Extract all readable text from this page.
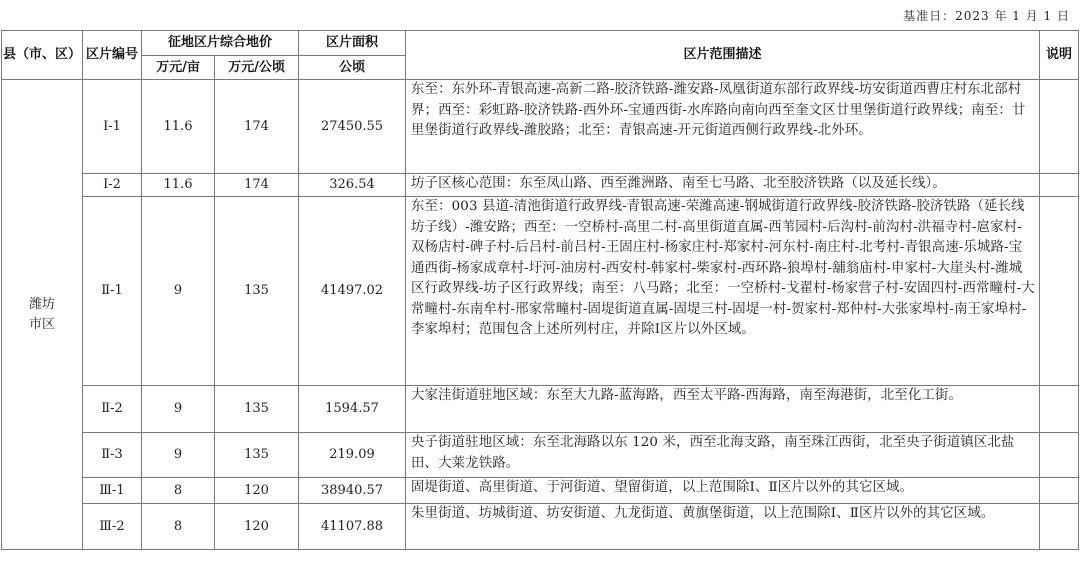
基准日：2023 年 1 月 1 日
县（市、区）	区片编号	征地区片综合地价		区片面积	区片范围描述	说明
		万元/亩	万元/公顷	公顷		
潍坊市区	Ⅰ-1	11.6	174	27450.55	东至：东外环-青银高速-高新二路-胶济铁路-潍安路-凤凰街道东部行政界线-坊安街道西曹庄村东北部村界；西至：彩虹路-胶济铁路-西外环-宝通西街-水库路向南向西至奎文区廿里堡街道行政界线；南至：廿里堡街道行政界线-潍胶路；北至：青银高速-开元街道西侧行政界线-北外环。	
	Ⅰ-2	11.6	174	326.54	坊子区核心范围：东至凤山路、西至潍洲路、南至七马路、北至胶济铁路（以及延长线）。	
	Ⅱ-1	9	135	41497.02	东至：003 县道-清池街道行政界线-青银高速-荣潍高速-钢城街道行政界线-胶济铁路-胶济铁路（延长线坊子线）-潍安路；西至：一空桥村-高里二村-高里街道直属-西苇园村-后沟村-前沟村-洪福寺村-扈家村-双杨店村-碑子村-后吕村-前吕村-王固庄村-杨家庄村-郑家村-河东村-南庄村-北考村-青银高速-乐城路-宝通西街-杨家成章村-圩河-油房村-西安村-韩家村-柴家村-西环路-狼埠村-舖翁庙村-申家村-大崖头村-潍城区行政界线-坊子区行政界线；南至：八马路；北至：一空桥村-戈翟村-杨家营子村-安固四村-西常疃村-大常疃村-东南牟村-邢家常疃村-固堤街道直属-固堤三村-固堤一村-贺家村-郑仲村-大张家埠村-南王家埠村-李家埠村；范围包含上述所列村庄，并除Ⅰ区片以外区域。	
	Ⅱ-2	9	135	1594.57	大家洼街道驻地区域：东至大九路-蓝海路，西至太平路-西海路，南至海港街，北至化工街。	
	Ⅱ-3	9	135	219.09	央子街道驻地区域：东至北海路以东 120 米，西至北海支路，南至珠江西街，北至央子街道镇区北盐田、大莱龙铁路。	
	Ⅲ-1	8	120	38940.57	固堤街道、高里街道、于河街道、望留街道，以上范围除Ⅰ、Ⅱ区片以外的其它区域。	
	Ⅲ-2	8	120	41107.88	朱里街道、坊城街道、坊安街道、九龙街道、黄旗堡街道，以上范围除Ⅰ、Ⅱ区片以外的其它区域。	
